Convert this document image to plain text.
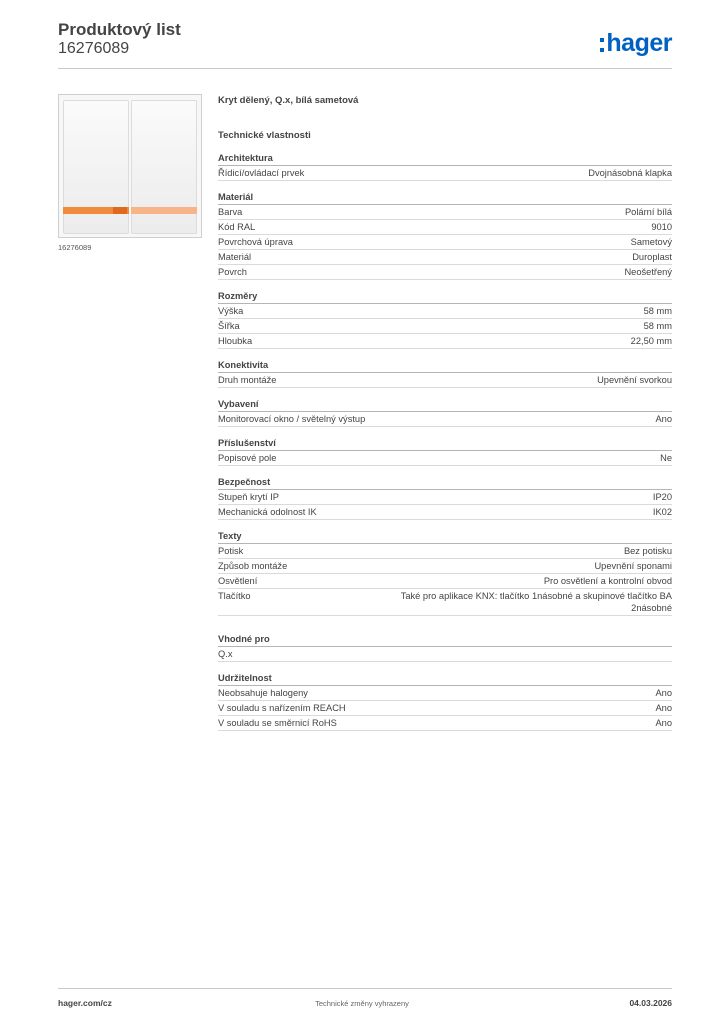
Produktový list
16276089	hager
16276089
Kryt dělený, Q.x, bílá sametová
Technické vlastnosti
Architektura
Řídicí/ovládací prvek	Dvojnásobná klapka
Materiál
Barva	Polární bílá
Kód RAL	9010
Povrchová úprava	Sametový
Materiál	Duroplast
Povrch	Neošetřený
Rozměry
Výška	58 mm
Šířka	58 mm
Hloubka	22,50 mm
Konektivita
Druh montáže	Upevnění svorkou
Vybavení
Monitorovací okno / světelný výstup	Ano
Příslušenství
Popisové pole	Ne
Bezpečnost
Stupeň krytí IP	IP20
Mechanická odolnost IK	IK02
Texty
Potisk	Bez potisku
Způsob montáže	Upevnění sponami
Osvětlení	Pro osvětlení a kontrolní obvod
Tlačítko	Také pro aplikace KNX: tlačítko 1násobné a skupinové tlačítko BA 2násobné
Vhodné pro
Q.x
Udržitelnost
Neobsahuje halogeny	Ano
V souladu s nařízením REACH	Ano
V souladu se směrnicí RoHS	Ano
hager.com/cz	Technické změny vyhrazeny	04.03.2026
